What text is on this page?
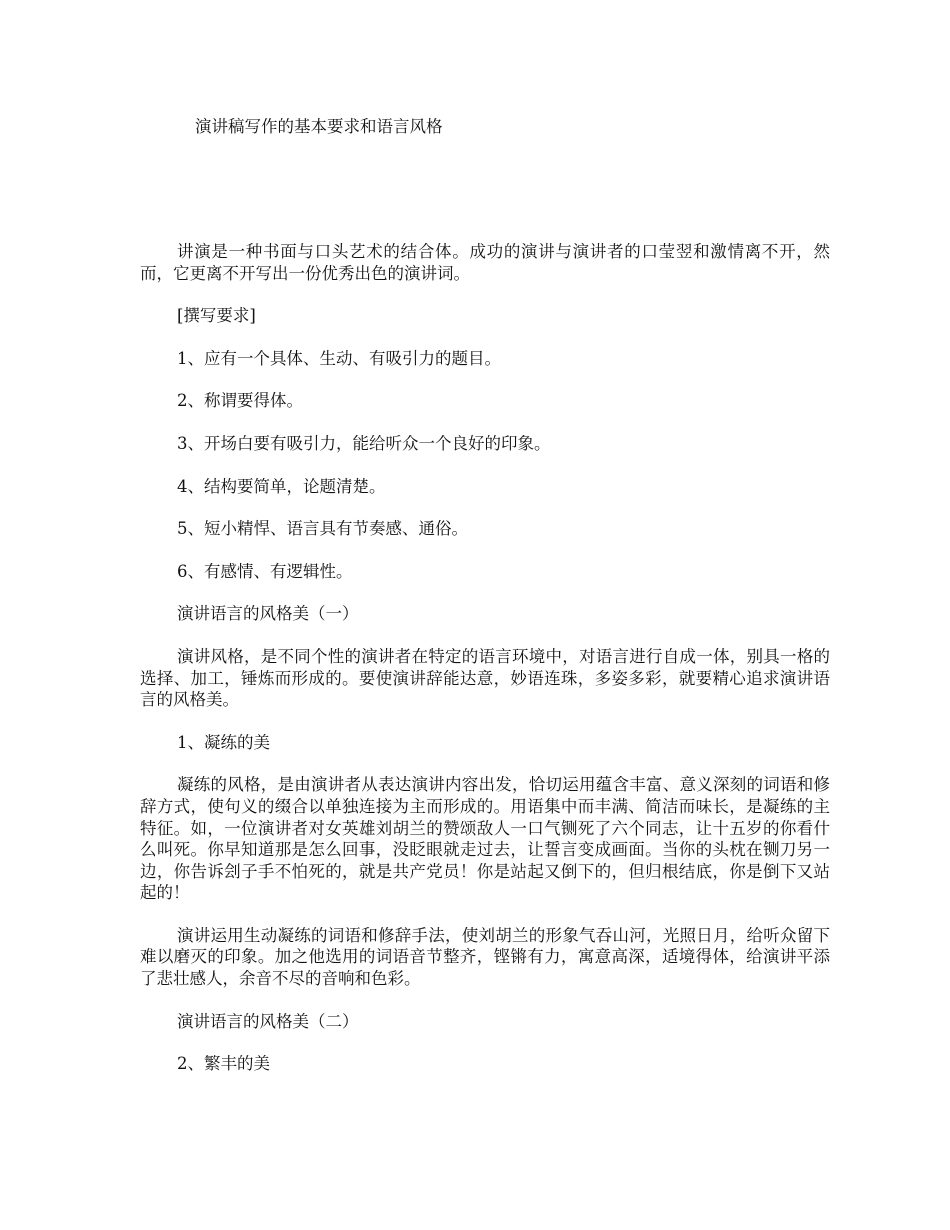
演讲稿写作的基本要求和语言风格

讲演是一种书面与口头艺术的结合体。成功的演讲与演讲者的口莹翌和激情离不开，然而，它更离不开写出一份优秀出色的演讲词。

[撰写要求]

1、应有一个具体、生动、有吸引力的题目。

2、称谓要得体。

3、开场白要有吸引力，能给听众一个良好的印象。

4、结构要简单，论题清楚。

5、短小精悍、语言具有节奏感、通俗。

6、有感情、有逻辑性。

演讲语言的风格美（一）

演讲风格，是不同个性的演讲者在特定的语言环境中，对语言进行自成一体，别具一格的选择、加工，锤炼而形成的。要使演讲辞能达意，妙语连珠，多姿多彩，就要精心追求演讲语言的风格美。

1、凝练的美

凝练的风格，是由演讲者从表达演讲内容出发，恰切运用蕴含丰富、意义深刻的词语和修辞方式，使句义的缀合以单独连接为主而形成的。用语集中而丰满、简洁而味长，是凝练的主特征。如，一位演讲者对女英雄刘胡兰的赞颂敌人一口气铡死了六个同志，让十五岁的你看什么叫死。你早知道那是怎么回事，没眨眼就走过去，让誓言变成画面。当你的头枕在铡刀另一边，你告诉刽子手不怕死的，就是共产党员！你是站起又倒下的，但归根结底，你是倒下又站起的！

演讲运用生动凝练的词语和修辞手法，使刘胡兰的形象气吞山河，光照日月，给听众留下难以磨灭的印象。加之他选用的词语音节整齐，铿锵有力，寓意高深，适境得体，给演讲平添了悲壮感人，余音不尽的音响和色彩。

演讲语言的风格美（二）

2、繁丰的美
